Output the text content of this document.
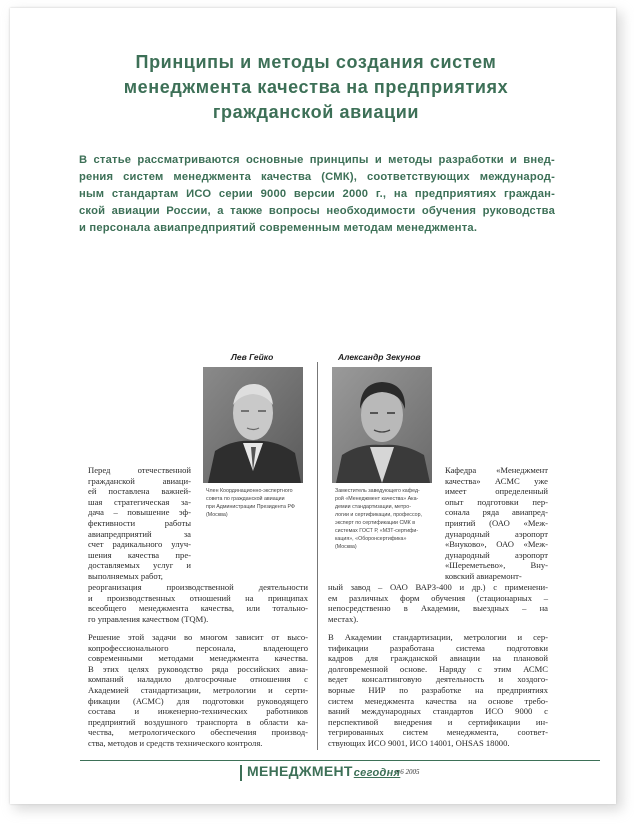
Принципы и методы создания систем
менеджмента качества на предприятиях
гражданской авиации
В статье рассматриваются основные принципы и методы разработки и внед-
рения систем менеджмента качества (СМК), соответствующих международ-
ным стандартам ИСО серии 9000 версии 2000 г., на предприятиях граждан-
ской авиации России, а также вопросы необходимости обучения руководства
и персонала авиапредприятий современным методам менеджмента.
Лев Гейко
Член Координационно-экспертного
совета по гражданской авиации
при Администрации Президента РФ
(Москва)
Александр Зекунов
Заместитель заведующего кафед-
рой «Менеджмент качества» Ака-
демии стандартизации, метро-
логии и сертификации, профессор,
эксперт по сертификации СМК в
системах ГОСТ Р, «МЗТ-сертифи-
кация», «Оборонсертифика»
(Москва)
Перед отечественной
гражданской авиаци-
ей поставлена важней-
шая стратегическая за-
дача – повышение эф-
фективности работы
авиапредприятий за
счет радикального улуч-
шения качества пре-
доставляемых услуг и
выполняемых работ,
реорганизация производственной деятельности
и производственных отношений на принципах
всеобщего менеджмента качества, или тотально-
го управления качеством (TQM).
Решение этой задачи во многом зависит от высо-
копрофессионального персонала, владеющего
современными методами менеджмента качества.
В этих целях руководство ряда российских авиа-
компаний наладило долгосрочные отношения с
Академией стандартизации, метрологии и серти-
фикации (АСМС) для подготовки руководящего
состава и инженерно-технических работников
предприятий воздушного транспорта в области ка-
чества, метрологического обеспечения производ-
ства, методов и средств технического контроля.
Кафедра «Менеджмент
качества» АСМС уже
имеет определенный
опыт подготовки пер-
сонала ряда авиапред-
приятий (ОАО «Меж-
дународный аэропорт
«Внуково», ОАО «Меж-
дународный аэропорт
«Шереметьево», Вну-
ковский авиаремонт-
ный завод – ОАО ВАРЗ-400 и др.) с применени-
ем различных форм обучения (стационарных –
непосредственно в Академии, выездных – на
местах).
В Академии стандартизации, метрологии и сер-
тификации разработана система подготовки
кадров для гражданской авиации на плановой
долговременной основе. Наряду с этим АСМС
ведет консалтинговую деятельность и хоздого-
ворные НИР по разработке на предприятиях
систем менеджмента качества на основе требо-
ваний международных стандартов ИСО 9000 с
перспективой внедрения и сертификации ин-
тегрированных систем менеджмента, соответ-
ствующих ИСО 9001, ИСО 14001, OHSAS 18000.
МЕНЕДЖМЕНТсегодня
• 6 2005
